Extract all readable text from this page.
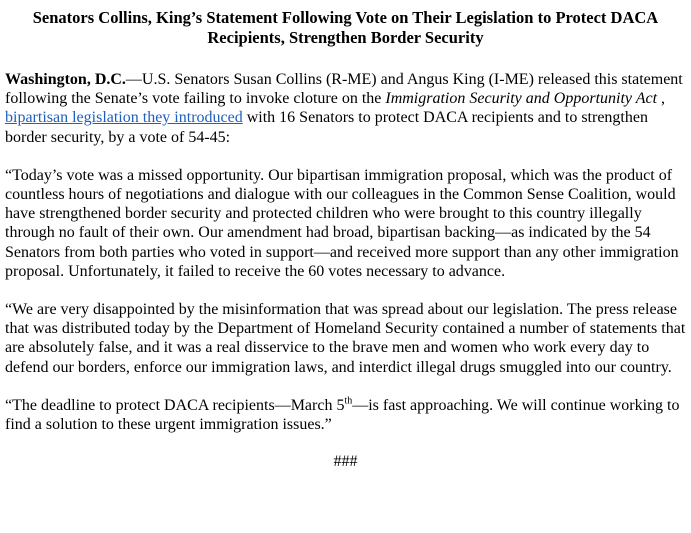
Senators Collins, King’s Statement Following Vote on Their Legislation to Protect DACA Recipients, Strengthen Border Security

Washington, D.C.—U.S. Senators Susan Collins (R-ME) and Angus King (I-ME) released this statement following the Senate’s vote failing to invoke cloture on the Immigration Security and Opportunity Act , bipartisan legislation they introduced with 16 Senators to protect DACA recipients and to strengthen border security, by a vote of 54-45:

“Today’s vote was a missed opportunity. Our bipartisan immigration proposal, which was the product of countless hours of negotiations and dialogue with our colleagues in the Common Sense Coalition, would have strengthened border security and protected children who were brought to this country illegally through no fault of their own. Our amendment had broad, bipartisan backing—as indicated by the 54 Senators from both parties who voted in support—and received more support than any other immigration proposal. Unfortunately, it failed to receive the 60 votes necessary to advance.

“We are very disappointed by the misinformation that was spread about our legislation. The press release that was distributed today by the Department of Homeland Security contained a number of statements that are absolutely false, and it was a real disservice to the brave men and women who work every day to defend our borders, enforce our immigration laws, and interdict illegal drugs smuggled into our country.

“The deadline to protect DACA recipients—March 5th—is fast approaching. We will continue working to find a solution to these urgent immigration issues.”

###
